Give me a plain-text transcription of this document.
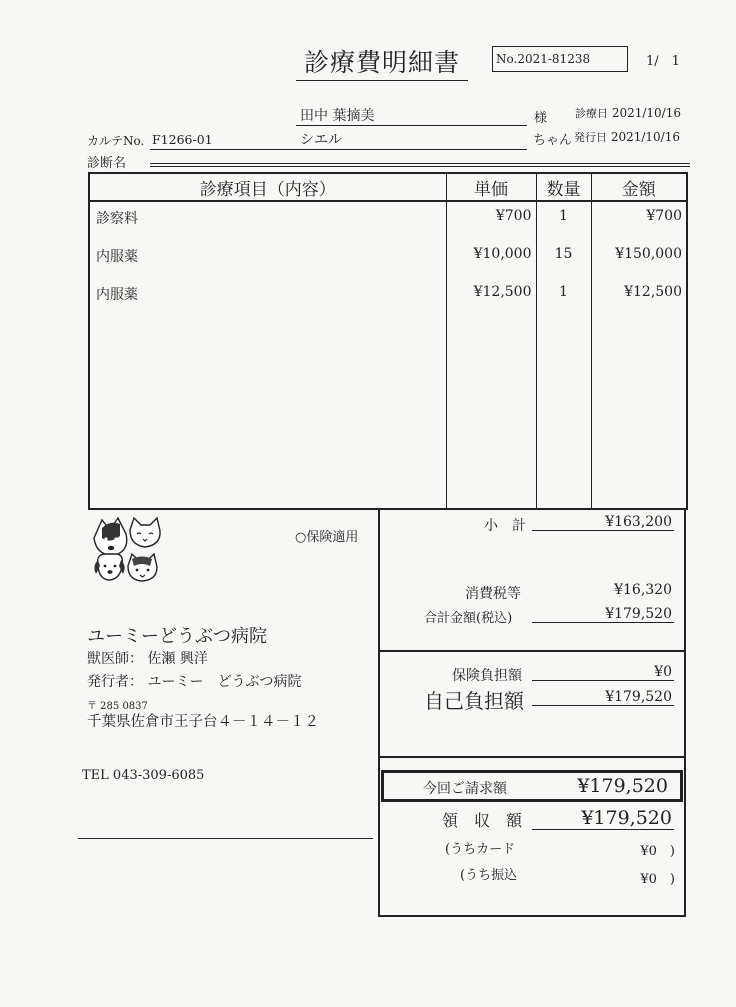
診療費明細書	No.2021-81238	1/　1
田中 葉摘美	様	診療日 2021/10/16
カルテNo. F1266-01	シエル	ちゃん 発行日 2021/10/16
診断名
診療項目（内容）	単価	数量	金額
診察料	¥700	1	¥700
内服薬	¥10,000	15	¥150,000
内服薬	¥12,500	1	¥12,500

○保険適用
ユーミーどうぶつ病院
獣医師： 佐瀬 興洋
発行者： ユーミー　どうぶつ病院
〒 285 0837
千葉県佐倉市王子台４－１４－１２
TEL 043-309-6085
小　計	¥163,200
消費税等	¥16,320
合計金額(税込)	¥179,520
保険負担額	¥0
自己負担額	¥179,520
今回ご請求額	¥179,520
領　収　額	¥179,520
(うちカード	¥0　)
(うち振込	¥0　)
